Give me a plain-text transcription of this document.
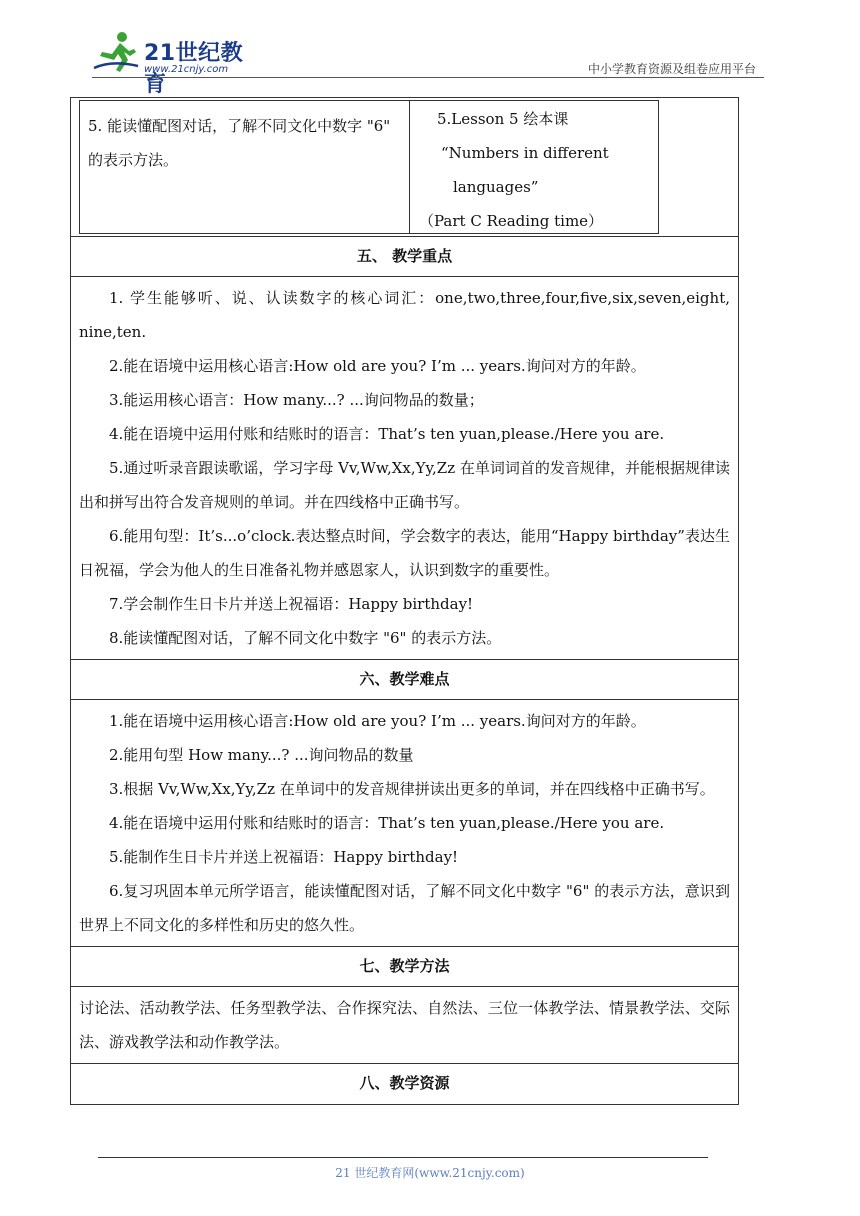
21世纪教育
www.21cnjy.com	中小学教育资源及组卷应用平台
5. 能读懂配图对话，了解不同文化中数字 "6" 的表示方法。
5.Lesson 5 绘本课
“Numbers in different
languages”
（Part C Reading time）
五、 教学重点

1. 学生能够听、说、认读数字的核心词汇：one,two,three,four,five,six,seven,eight, nine,ten.

2.能在语境中运用核心语言:How old are you? I’m ... years.询问对方的年龄。

3.能运用核心语言：How many...? ...询问物品的数量；

4.能在语境中运用付账和结账时的语言：That’s ten yuan,please./Here you are.

5.通过听录音跟读歌谣，学习字母 Vv,Ww,Xx,Yy,Zz 在单词词首的发音规律，并能根据规律读出和拼写出符合发音规则的单词。并在四线格中正确书写。

6.能用句型：It’s...o’clock.表达整点时间，学会数字的表达，能用“Happy birthday”表达生日祝福，学会为他人的生日准备礼物并感恩家人，认识到数字的重要性。

7.学会制作生日卡片并送上祝福语：Happy birthday!

8.能读懂配图对话，了解不同文化中数字 "6" 的表示方法。

六、教学难点

1.能在语境中运用核心语言:How old are you? I’m ... years.询问对方的年龄。

2.能用句型 How many...? ...询问物品的数量

3.根据 Vv,Ww,Xx,Yy,Zz 在单词中的发音规律拼读出更多的单词，并在四线格中正确书写。

4.能在语境中运用付账和结账时的语言：That’s ten yuan,please./Here you are.

5.能制作生日卡片并送上祝福语：Happy birthday!

6.复习巩固本单元所学语言，能读懂配图对话，了解不同文化中数字 "6" 的表示方法，意识到世界上不同文化的多样性和历史的悠久性。

七、教学方法

讨论法、活动教学法、任务型教学法、合作探究法、自然法、三位一体教学法、情景教学法、交际法、游戏教学法和动作教学法。

八、教学资源
21 世纪教育网(www.21cnjy.com)
